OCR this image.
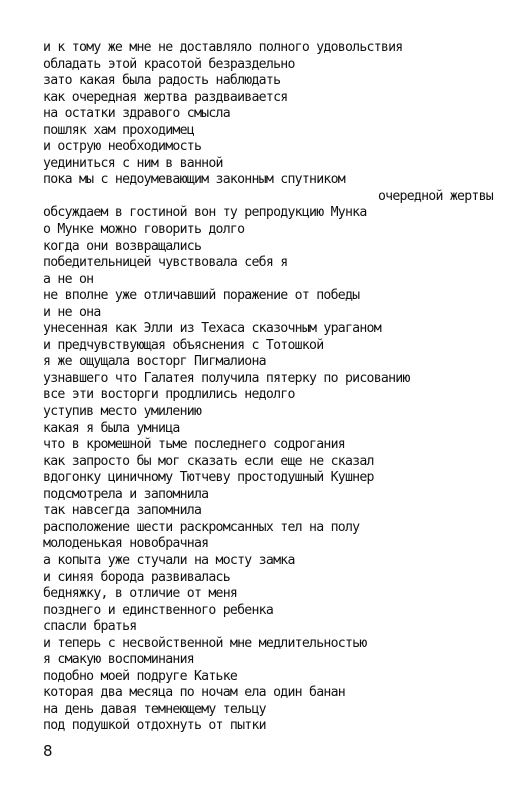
и к тому же мне не доставляло полного удовольствия
обладать этой красотой безраздельно
зато какая была радость наблюдать
как очередная жертва раздваивается
на остатки здравого смысла
пошляк хам проходимец
и острую необходимость
уединиться с ним в ванной
пока мы с недоумевающим законным спутником
очередной жертвы
обсуждаем в гостиной вон ту репродукцию Мунка
о Мунке можно говорить долго
когда они возвращались
победительницей чувствовала себя я
а не он
не вполне уже отличавший поражение от победы
и не она
унесенная как Элли из Техаса сказочным ураганом
и предчувствующая объяснения с Тотошкой
я же ощущала восторг Пигмалиона
узнавшего что Галатея получила пятерку по рисованию
все эти восторги продлились недолго
уступив место умилению
какая я была умница
что в кромешной тьме последнего содрогания
как запросто бы мог сказать если еще не сказал
вдогонку циничному Тютчеву простодушный Кушнер
подсмотрела и запомнила
так навсегда запомнила
расположение шести раскромсанных тел на полу
молоденькая новобрачная
а копыта уже стучали на мосту замка
и синяя борода развивалась
бедняжку, в отличие от меня
позднего и единственного ребенка
спасли братья
и теперь с несвойственной мне медлительностью
я смакую воспоминания
подобно моей подруге Катьке
которая два месяца по ночам ела один банан
на день давая темнеющему тельцу
под подушкой отдохнуть от пытки
8
